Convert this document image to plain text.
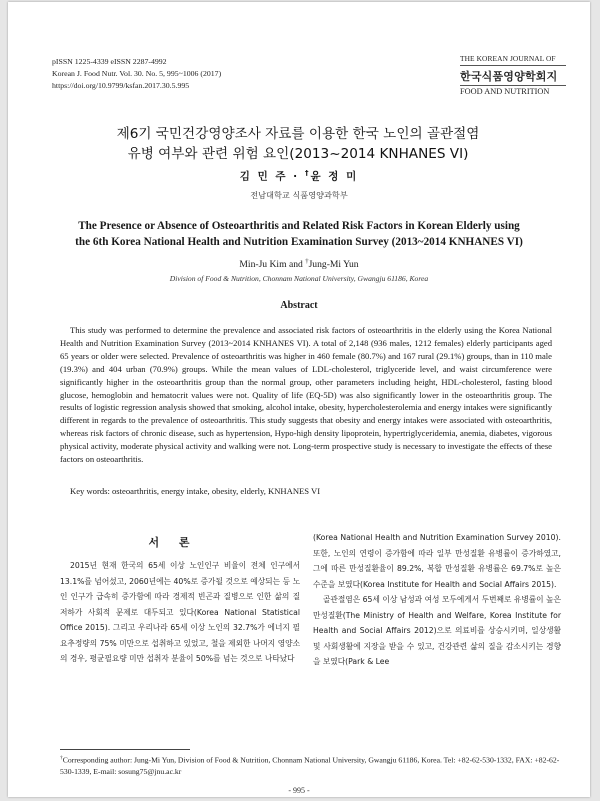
pISSN 1225-4339 eISSN 2287-4992
Korean J. Food Nutr. Vol. 30. No. 5, 995~1006 (2017)
https://doi.org/10.9799/ksfan.2017.30.5.995
THE KOREAN JOURNAL OF
한국식품영양학회지
FOOD AND NUTRITION
제6기 국민건강영양조사 자료를 이용한 한국 노인의 골관절염
유병 여부와 관련 위험 요인(2013~2014 KNHANES VI)
김 민 주 · †윤 정 미
전남대학교 식품영양과학부
The Presence or Absence of Osteoarthritis and Related Risk Factors in Korean Elderly using
the 6th Korea National Health and Nutrition Examination Survey (2013~2014 KNHANES VI)
Min-Ju Kim and †Jung-Mi Yun
Division of Food & Nutrition, Chonnam National University, Gwangju 61186, Korea
Abstract

This study was performed to determine the prevalence and associated risk factors of osteoarthritis in the elderly using the Korea National Health and Nutrition Examination Survey (2013~2014 KNHANES VI). A total of 2,148 (936 males, 1212 females) elderly participants aged 65 years or older were selected. Prevalence of osteoarthritis was higher in 460 female (80.7%) and 167 rural (29.1%) groups, than in 110 male (19.3%) and 404 urban (70.9%) groups. While the mean values of LDL-cholesterol, triglyceride level, and waist circumference were significantly higher in the osteoarthritis group than the normal group, other parameters including height, HDL-cholesterol, fasting blood glucose, hemoglobin and hematocrit values were not. Quality of life (EQ-5D) was also significantly lower in the osteoarthritis group. The results of logistic regression analysis showed that smoking, alcohol intake, obesity, hypercholesterolemia and energy intakes were significantly different in regards to the prevalence of osteoarthritis. This study suggests that obesity and energy intakes were associated with osteoarthritis, whereas risk factors of chronic disease, such as hypertension, Hypo-high density lipoprotein, hypertriglyceridemia, anemia, diabetes, vigorous physical activity, moderate physical activity and walking were not. Long-term prospective study is necessary to investigate the effects of these factors on osteoarthritis.

Key words: osteoarthritis, energy intake, obesity, elderly, KNHANES VI
서 론

2015년 현재 한국의 65세 이상 노인인구 비율이 전체 인구에서 13.1%를 넘어섰고, 2060년에는 40%로 증가될 것으로 예상되는 등 노인 인구가 급속히 증가함에 따라 경제적 빈곤과 질병으로 인한 삶의 질 저하가 사회적 문제로 대두되고 있다(Korea National Statistical Office 2015). 그리고 우리나라 65세 이상 노인의 32.7%가 에너지 필요추정량의 75% 미만으로 섭취하고 있었고, 철을 제외한 나머지 영양소의 경우, 평균필요량 미만 섭취자 분율이 50%를 넘는 것으로 나타났다

(Korea National Health and Nutrition Examination Survey 2010). 또한, 노인의 연령이 증가함에 따라 일부 만성질환 유병률이 증가하였고, 그에 따른 만성질환율이 89.2%, 복합 만성질환 유병률은 69.7%로 높은 수준을 보였다(Korea Institute for Health and Social Affairs 2015).

골관절염은 65세 이상 남성과 여성 모두에게서 두번째로 유병률이 높은 만성질환(The Ministry of Health and Welfare, Korea Institute for Health and Social Affairs 2012)으로 의료비를 상승시키며, 일상생활 및 사회생활에 지장을 받을 수 있고, 건강관련 삶의 질을 감소시키는 경향을 보였다(Park & Lee

†Corresponding author: Jung-Mi Yun, Division of Food & Nutrition, Chonnam National University, Gwangju 61186, Korea. Tel: +82-62-530-1332, FAX: +82-62-530-1339, E-mail: sosung75@jnu.ac.kr
- 995 -
